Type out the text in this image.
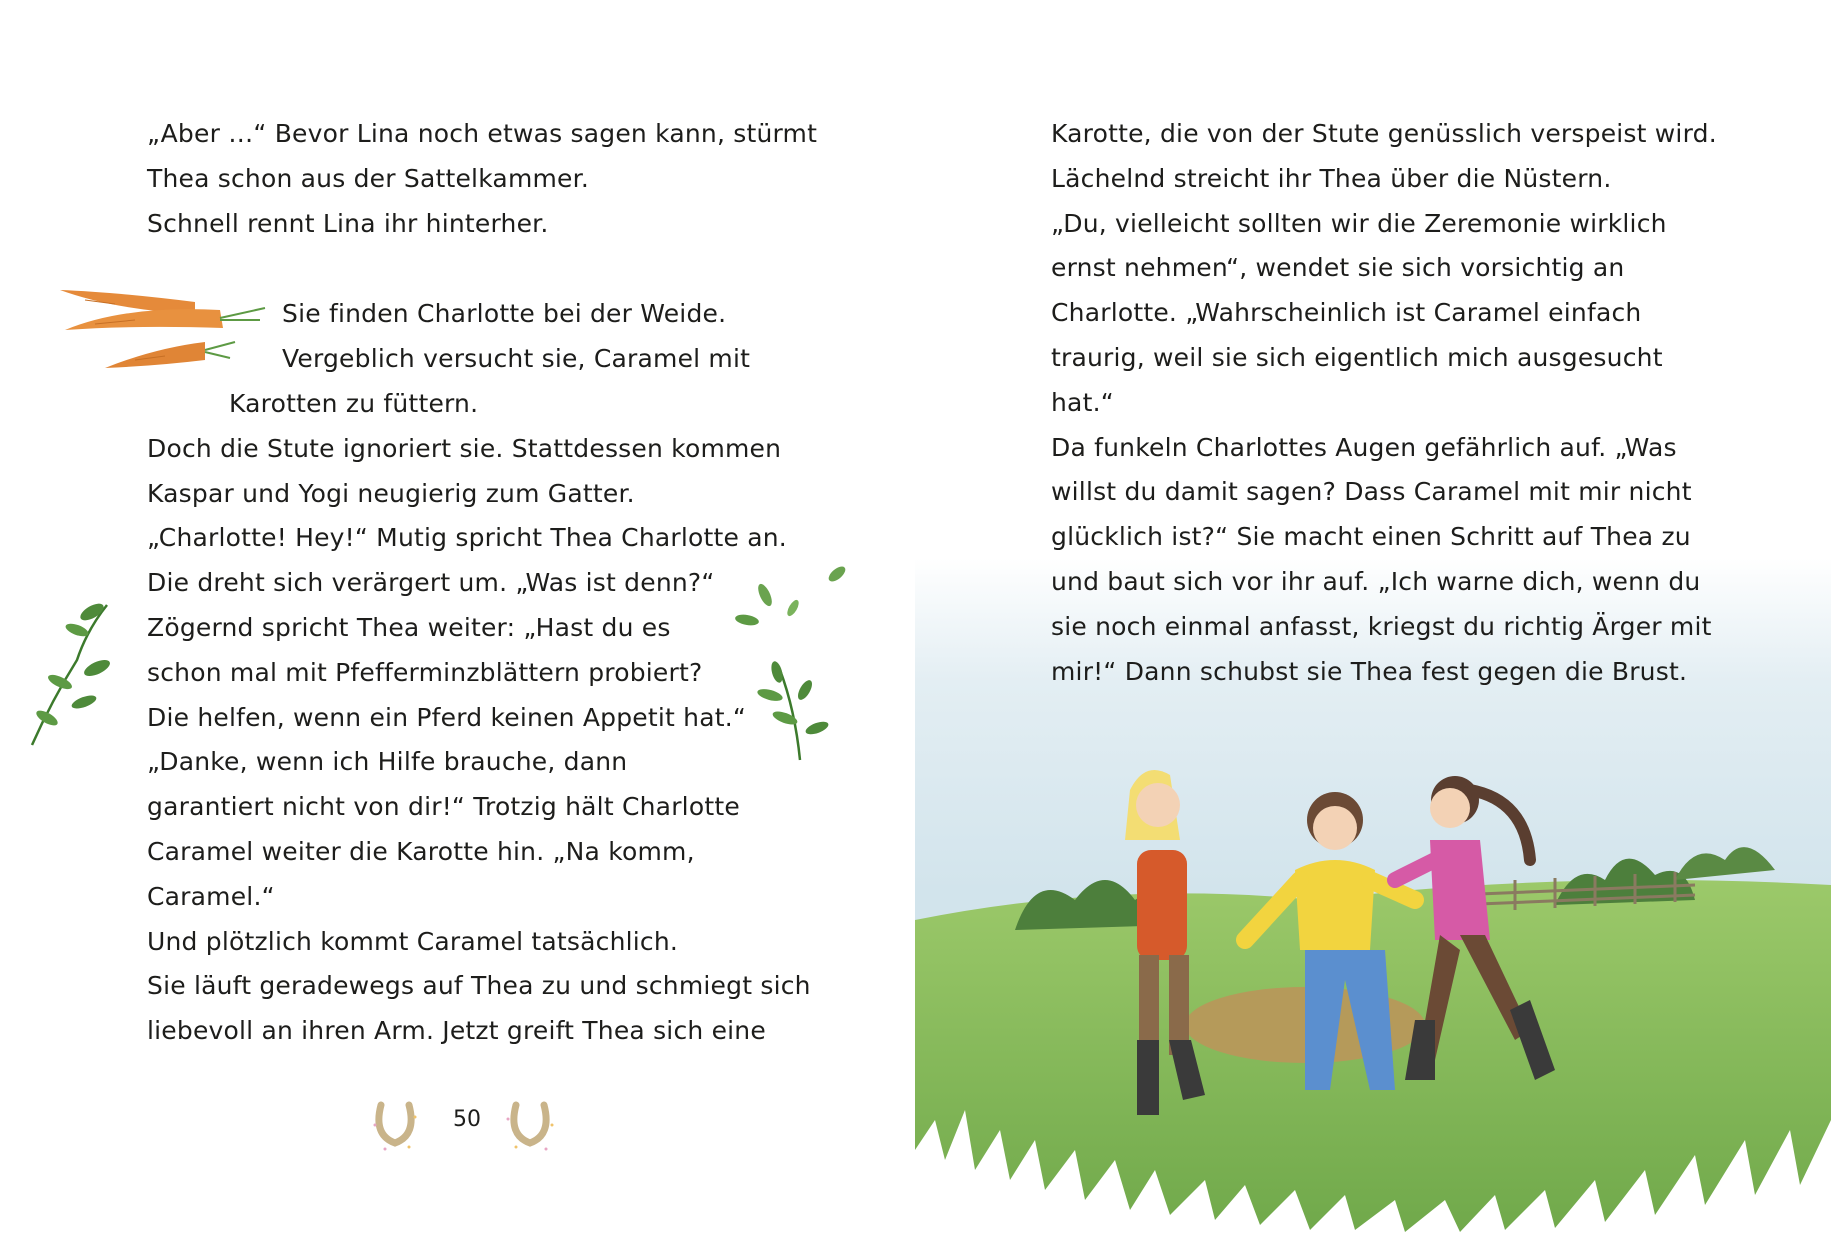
„Aber …“ Bevor Lina noch etwas sagen kann, stürmt
Thea schon aus der Sattelkammer.
Schnell rennt Lina ihr hinterher.
Sie finden Charlotte bei der Weide.
Vergeblich versucht sie, Caramel mit
Karotten zu füttern.
Doch die Stute ignoriert sie. Stattdessen kommen
Kaspar und Yogi neugierig zum Gatter.
„Charlotte! Hey!“ Mutig spricht Thea Charlotte an.
Die dreht sich verärgert um. „Was ist denn?“
Zögernd spricht Thea weiter: „Hast du es
schon mal mit Pfefferminzblättern probiert?
Die helfen, wenn ein Pferd keinen Appetit hat.“
„Danke, wenn ich Hilfe brauche, dann
garantiert nicht von dir!“ Trotzig hält Charlotte
Caramel weiter die Karotte hin. „Na komm,
Caramel.“
Und plötzlich kommt Caramel tatsächlich.
Sie läuft geradewegs auf Thea zu und schmiegt sich
liebevoll an ihren Arm. Jetzt greift Thea sich eine
50
Karotte, die von der Stute genüsslich verspeist wird.
Lächelnd streicht ihr Thea über die Nüstern.
„Du, vielleicht sollten wir die Zeremonie wirklich
ernst nehmen“, wendet sie sich vorsichtig an
Charlotte. „Wahrscheinlich ist Caramel einfach
traurig, weil sie sich eigentlich mich ausgesucht
hat.“
Da funkeln Charlottes Augen gefährlich auf. „Was
willst du damit sagen? Dass Caramel mit mir nicht
glücklich ist?“ Sie macht einen Schritt auf Thea zu
und baut sich vor ihr auf. „Ich warne dich, wenn du
sie noch einmal anfasst, kriegst du richtig Ärger mit
mir!“ Dann schubst sie Thea fest gegen die Brust.
